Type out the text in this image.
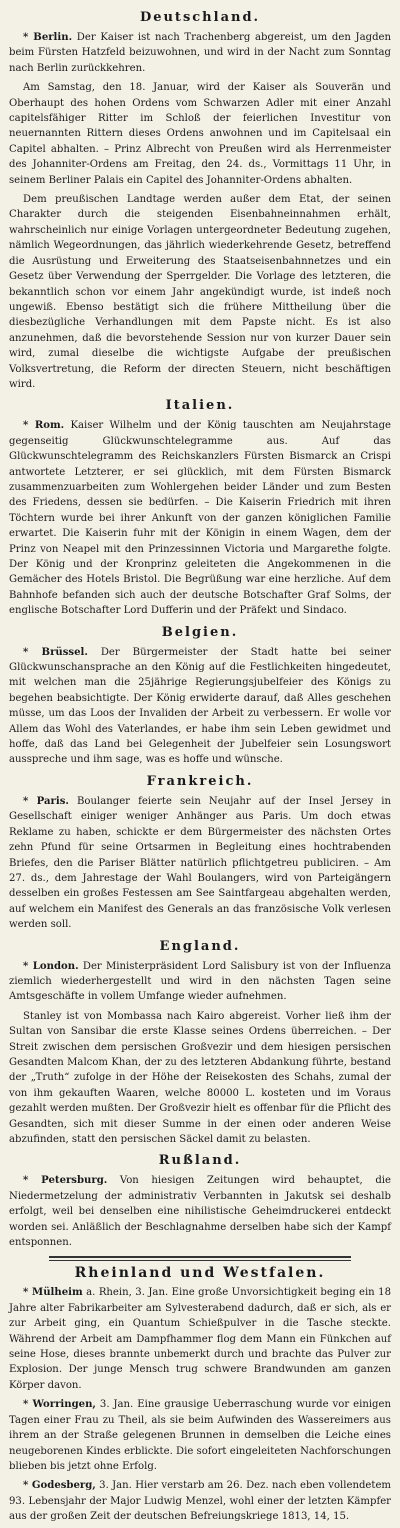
Deutschland.

* Berlin. Der Kaiser ist nach Trachenberg abgereist, um den Jagden beim Fürsten Hatzfeld beizuwohnen, und wird in der Nacht zum Sonntag nach Berlin zurückkehren.

Am Samstag, den 18. Januar, wird der Kaiser als Souverän und Oberhaupt des hohen Ordens vom Schwarzen Adler mit einer Anzahl capitelsfähiger Ritter im Schloß der feierlichen Investitur von neuernannten Rittern dieses Ordens anwohnen und im Capitelsaal ein Capitel abhalten. – Prinz Albrecht von Preußen wird als Herrenmeister des Johanniter-Ordens am Freitag, den 24. ds., Vormittags 11 Uhr, in seinem Berliner Palais ein Capitel des Johanniter-Ordens abhalten.

Dem preußischen Landtage werden außer dem Etat, der seinen Charakter durch die steigenden Eisenbahneinnahmen erhält, wahrscheinlich nur einige Vorlagen untergeordneter Bedeutung zugehen, nämlich Wegeordnungen, das jährlich wiederkehrende Gesetz, betreffend die Ausrüstung und Erweiterung des Staatseisenbahnnetzes und ein Gesetz über Verwendung der Sperrgelder. Die Vorlage des letzteren, die bekanntlich schon vor einem Jahr angekündigt wurde, ist indeß noch ungewiß. Ebenso bestätigt sich die frühere Mittheilung über die diesbezügliche Verhandlungen mit dem Papste nicht. Es ist also anzunehmen, daß die bevorstehende Session nur von kurzer Dauer sein wird, zumal dieselbe die wichtigste Aufgabe der preußischen Volksvertretung, die Reform der directen Steuern, nicht beschäftigen wird.

Italien.

* Rom. Kaiser Wilhelm und der König tauschten am Neujahrstage gegenseitig Glückwunschtelegramme aus. Auf das Glückwunschtelegramm des Reichskanzlers Fürsten Bismarck an Crispi antwortete Letzterer, er sei glücklich, mit dem Fürsten Bismarck zusammenzuarbeiten zum Wohlergehen beider Länder und zum Besten des Friedens, dessen sie bedürfen. – Die Kaiserin Friedrich mit ihren Töchtern wurde bei ihrer Ankunft von der ganzen königlichen Familie erwartet. Die Kaiserin fuhr mit der Königin in einem Wagen, dem der Prinz von Neapel mit den Prinzessinnen Victoria und Margarethe folgte. Der König und der Kronprinz geleiteten die Angekommenen in die Gemächer des Hotels Bristol. Die Begrüßung war eine herzliche. Auf dem Bahnhofe befanden sich auch der deutsche Botschafter Graf Solms, der englische Botschafter Lord Dufferin und der Präfekt und Sindaco.

Belgien.

* Brüssel. Der Bürgermeister der Stadt hatte bei seiner Glückwunschansprache an den König auf die Festlichkeiten hingedeutet, mit welchen man die 25jährige Regierungsjubelfeier des Königs zu begehen beabsichtigte. Der König erwiderte darauf, daß Alles geschehen müsse, um das Loos der Invaliden der Arbeit zu verbessern. Er wolle vor Allem das Wohl des Vaterlandes, er habe ihm sein Leben gewidmet und hoffe, daß das Land bei Gelegenheit der Jubelfeier sein Losungswort ausspreche und ihm sage, was es hoffe und wünsche.

Frankreich.

* Paris. Boulanger feierte sein Neujahr auf der Insel Jersey in Gesellschaft einiger weniger Anhänger aus Paris. Um doch etwas Reklame zu haben, schickte er dem Bürgermeister des nächsten Ortes zehn Pfund für seine Ortsarmen in Begleitung eines hochtrabenden Briefes, den die Pariser Blätter natürlich pflichtgetreu publiciren. – Am 27. ds., dem Jahrestage der Wahl Boulangers, wird von Parteigängern desselben ein großes Festessen am See Saintfargeau abgehalten werden, auf welchem ein Manifest des Generals an das französische Volk verlesen werden soll.

England.

* London. Der Ministerpräsident Lord Salisbury ist von der Influenza ziemlich wiederhergestellt und wird in den nächsten Tagen seine Amtsgeschäfte in vollem Umfange wieder aufnehmen.

Stanley ist von Mombassa nach Kairo abgereist. Vorher ließ ihm der Sultan von Sansibar die erste Klasse seines Ordens überreichen. – Der Streit zwischen dem persischen Großvezir und dem hiesigen persischen Gesandten Malcom Khan, der zu des letzteren Abdankung führte, bestand der „Truth“ zufolge in der Höhe der Reisekosten des Schahs, zumal der von ihm gekauften Waaren, welche 80000 L. kosteten und im Voraus gezahlt werden mußten. Der Großvezir hielt es offenbar für die Pflicht des Gesandten, sich mit dieser Summe in der einen oder anderen Weise abzufinden, statt den persischen Säckel damit zu belasten.

Rußland.

* Petersburg. Von hiesigen Zeitungen wird behauptet, die Niedermetzelung der administrativ Verbannten in Jakutsk sei deshalb erfolgt, weil bei denselben eine nihilistische Geheimdruckerei entdeckt worden sei. Anläßlich der Beschlagnahme derselben habe sich der Kampf entsponnen.

Rheinland und Westfalen.

* Mülheim a. Rhein, 3. Jan. Eine große Unvorsichtigkeit beging ein 18 Jahre alter Fabrikarbeiter am Sylvesterabend dadurch, daß er sich, als er zur Arbeit ging, ein Quantum Schießpulver in die Tasche steckte. Während der Arbeit am Dampfhammer flog dem Mann ein Fünkchen auf seine Hose, dieses brannte unbemerkt durch und brachte das Pulver zur Explosion. Der junge Mensch trug schwere Brandwunden am ganzen Körper davon.

* Worringen, 3. Jan. Eine grausige Ueberraschung wurde vor einigen Tagen einer Frau zu Theil, als sie beim Aufwinden des Wassereimers aus ihrem an der Straße gelegenen Brunnen in demselben die Leiche eines neugeborenen Kindes erblickte. Die sofort eingeleiteten Nachforschungen blieben bis jetzt ohne Erfolg.

* Godesberg, 3. Jan. Hier verstarb am 26. Dez. nach eben vollendetem 93. Lebensjahr der Major Ludwig Menzel, wohl einer der letzten Kämpfer aus der großen Zeit der deutschen Befreiungskriege 1813, 14, 15.
